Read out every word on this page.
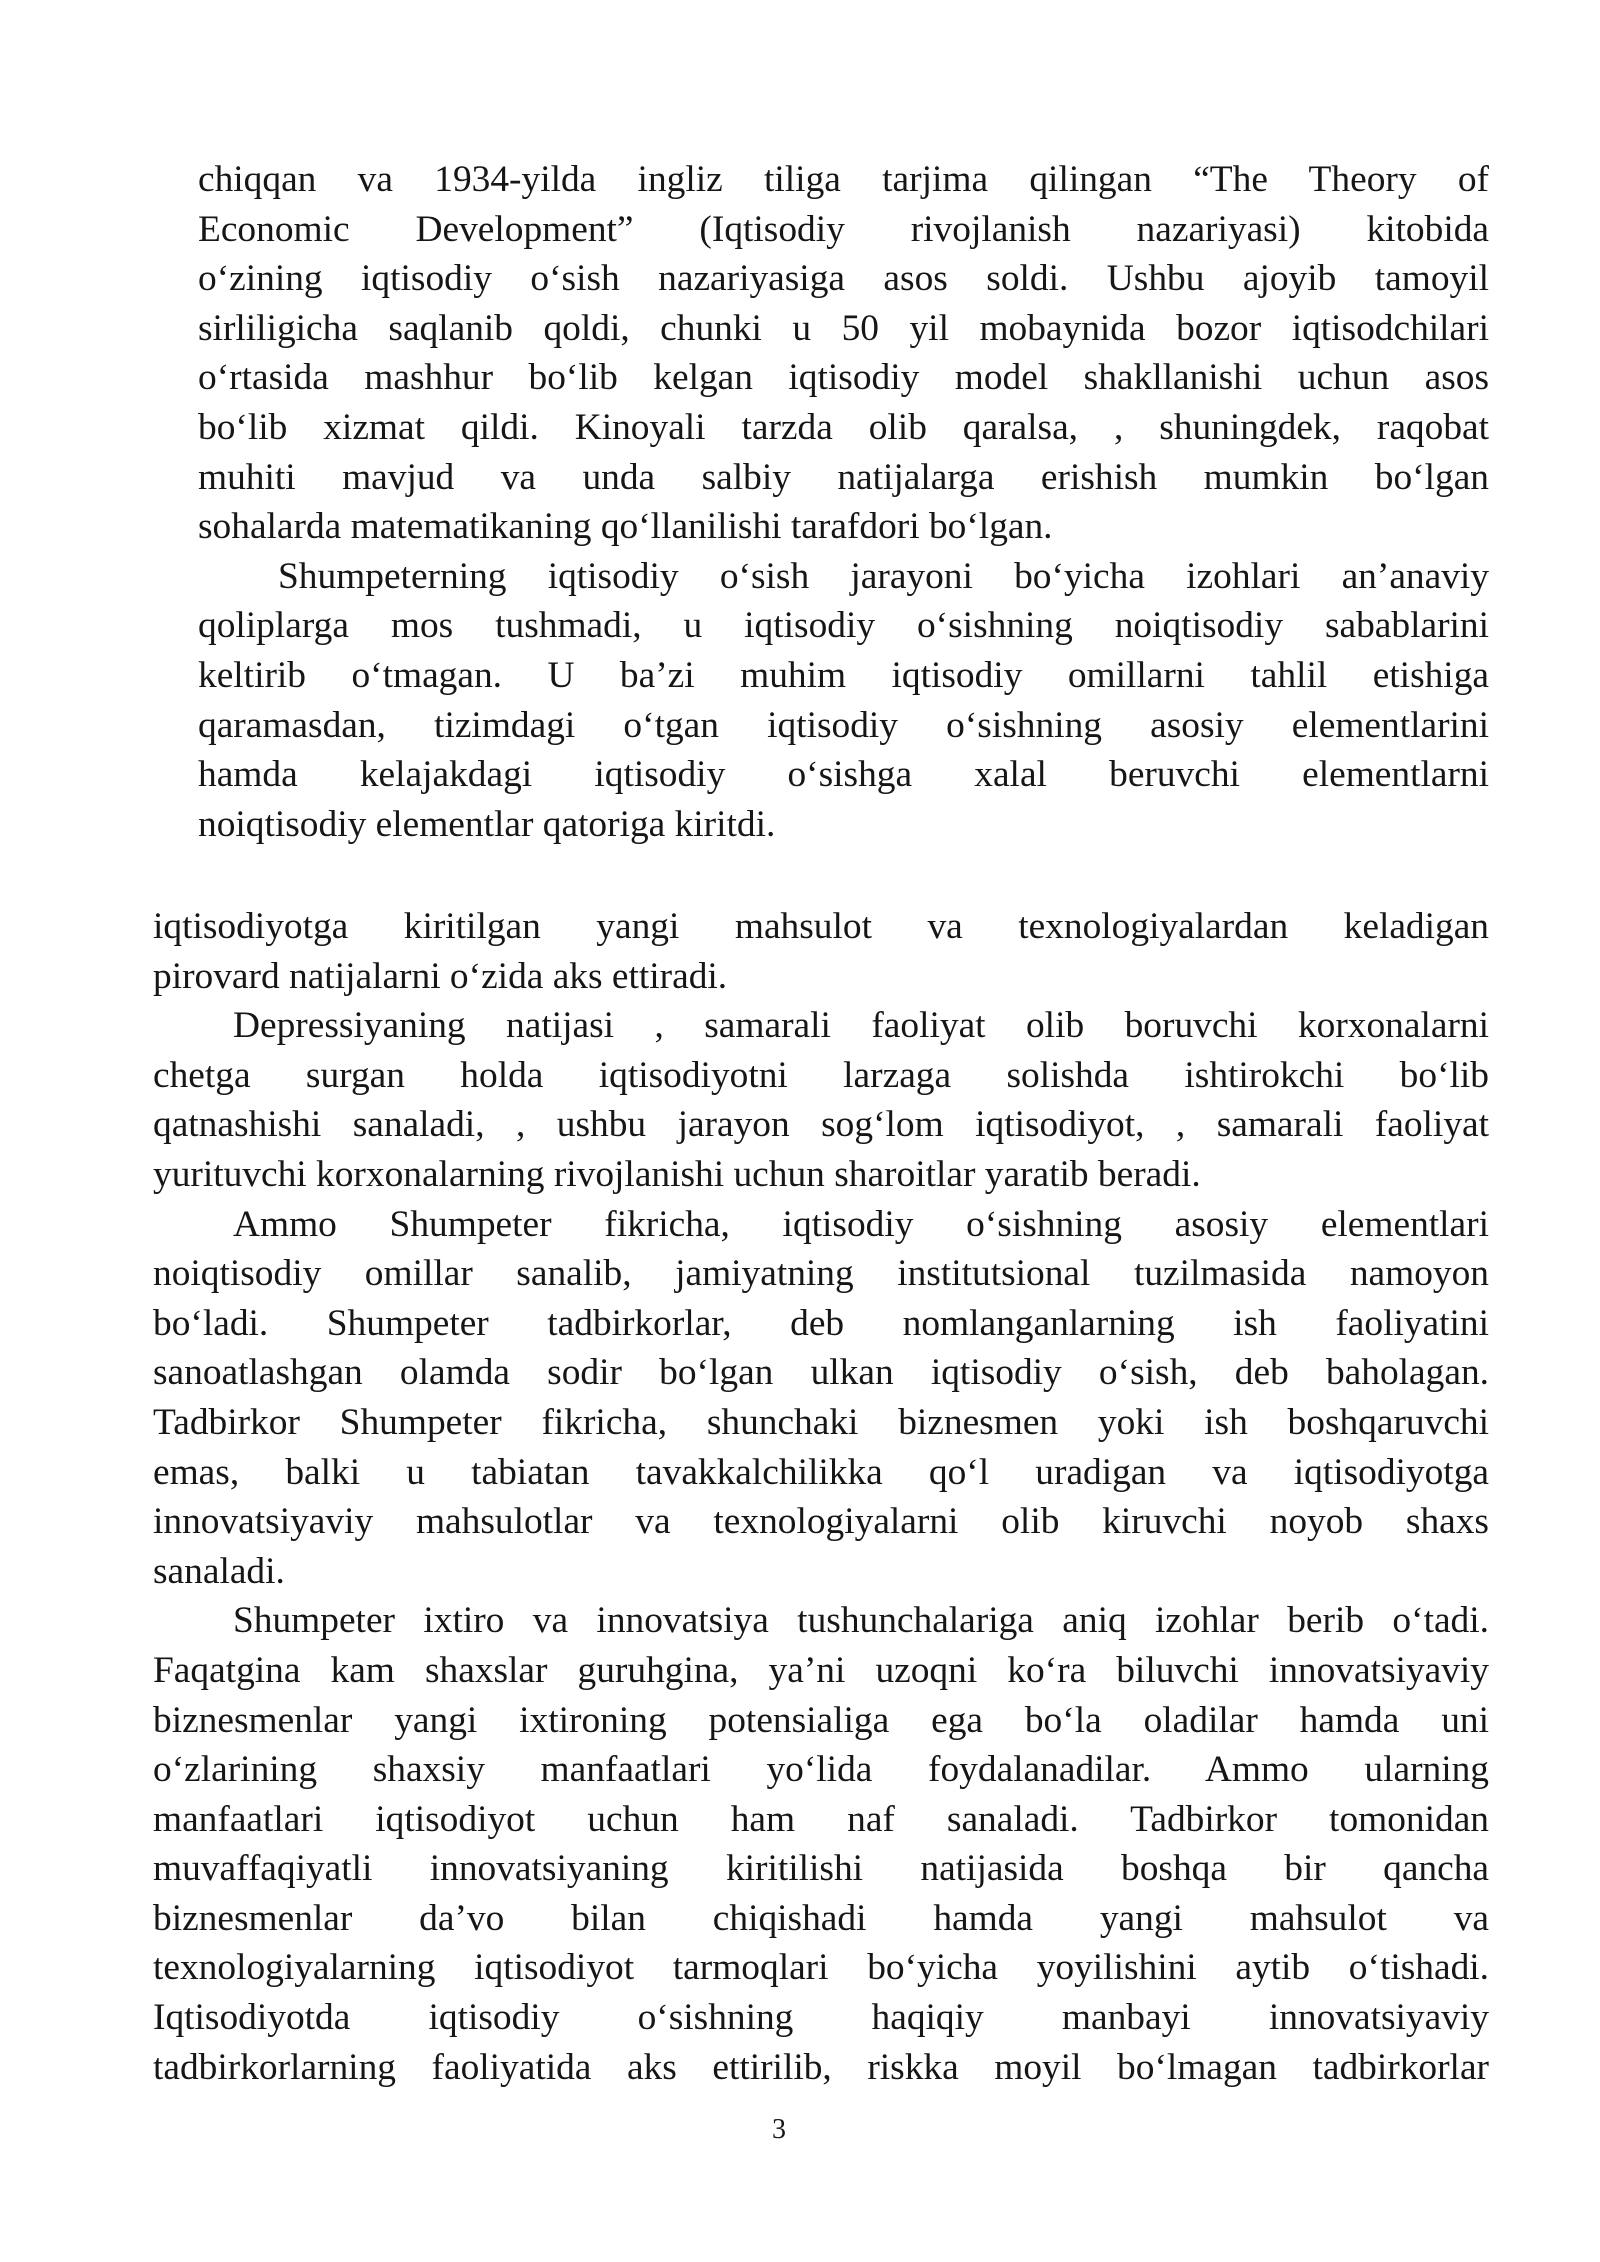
chiqqan va 1934-yilda ingliz tiliga tarjima qilingan “The Theory of
Economic Development” (Iqtisodiy rivojlanish nazariyasi) kitobida
o‘zining iqtisodiy o‘sish nazariyasiga asos soldi. Ushbu ajoyib tamoyil
sirliligicha saqlanib qoldi, chunki u 50 yil mobaynida bozor iqtisodchilari
o‘rtasida mashhur bo‘lib kelgan iqtisodiy model shakllanishi uchun asos
bo‘lib xizmat qildi. Kinoyali tarzda olib qaralsa, , shuningdek, raqobat
muhiti mavjud va unda salbiy natijalarga erishish mumkin bo‘lgan
sohalarda matematikaning qo‘llanilishi tarafdori bo‘lgan.
Shumpeterning iqtisodiy o‘sish jarayoni bo‘yicha izohlari an’anaviy
qoliplarga mos tushmadi, u iqtisodiy o‘sishning noiqtisodiy sabablarini
keltirib o‘tmagan. U ba’zi muhim iqtisodiy omillarni tahlil etishiga
qaramasdan, tizimdagi o‘tgan iqtisodiy o‘sishning asosiy elementlarini
hamda kelajakdagi iqtisodiy o‘sishga xalal beruvchi elementlarni
noiqtisodiy elementlar qatoriga kiritdi.
iqtisodiyotga kiritilgan yangi mahsulot va texnologiyalardan keladigan
pirovard natijalarni o‘zida aks ettiradi.
Depressiyaning natijasi , samarali faoliyat olib boruvchi korxonalarni
chetga surgan holda iqtisodiyotni larzaga solishda ishtirokchi bo‘lib
qatnashishi sanaladi, , ushbu jarayon sog‘lom iqtisodiyot, , samarali faoliyat
yurituvchi korxonalarning rivojlanishi uchun sharoitlar yaratib beradi.
Ammo Shumpeter fikricha, iqtisodiy o‘sishning asosiy elementlari
noiqtisodiy omillar sanalib, jamiyatning institutsional tuzilmasida namoyon
bo‘ladi. Shumpeter tadbirkorlar, deb nomlanganlarning ish faoliyatini
sanoatlashgan olamda sodir bo‘lgan ulkan iqtisodiy o‘sish, deb baholagan.
Tadbirkor Shumpeter fikricha, shunchaki biznesmen yoki ish boshqaruvchi
emas, balki u tabiatan tavakkalchilikka qo‘l uradigan va iqtisodiyotga
innovatsiyaviy mahsulotlar va texnologiyalarni olib kiruvchi noyob shaxs
sanaladi.
Shumpeter ixtiro va innovatsiya tushunchalariga aniq izohlar berib o‘tadi.
Faqatgina kam shaxslar guruhgina, ya’ni uzoqni ko‘ra biluvchi innovatsiyaviy
biznesmenlar yangi ixtironing potensialiga ega bo‘la oladilar hamda uni
o‘zlarining shaxsiy manfaatlari yo‘lida foydalanadilar. Ammo ularning
manfaatlari iqtisodiyot uchun ham naf sanaladi. Tadbirkor tomonidan
muvaffaqiyatli innovatsiyaning kiritilishi natijasida boshqa bir qancha
biznesmenlar da’vo bilan chiqishadi hamda yangi mahsulot va
texnologiyalarning iqtisodiyot tarmoqlari bo‘yicha yoyilishini aytib o‘tishadi.
Iqtisodiyotda iqtisodiy o‘sishning haqiqiy manbayi innovatsiyaviy
tadbirkorlarning faoliyatida aks ettirilib, riskka moyil bo‘lmagan tadbirkorlar
3
